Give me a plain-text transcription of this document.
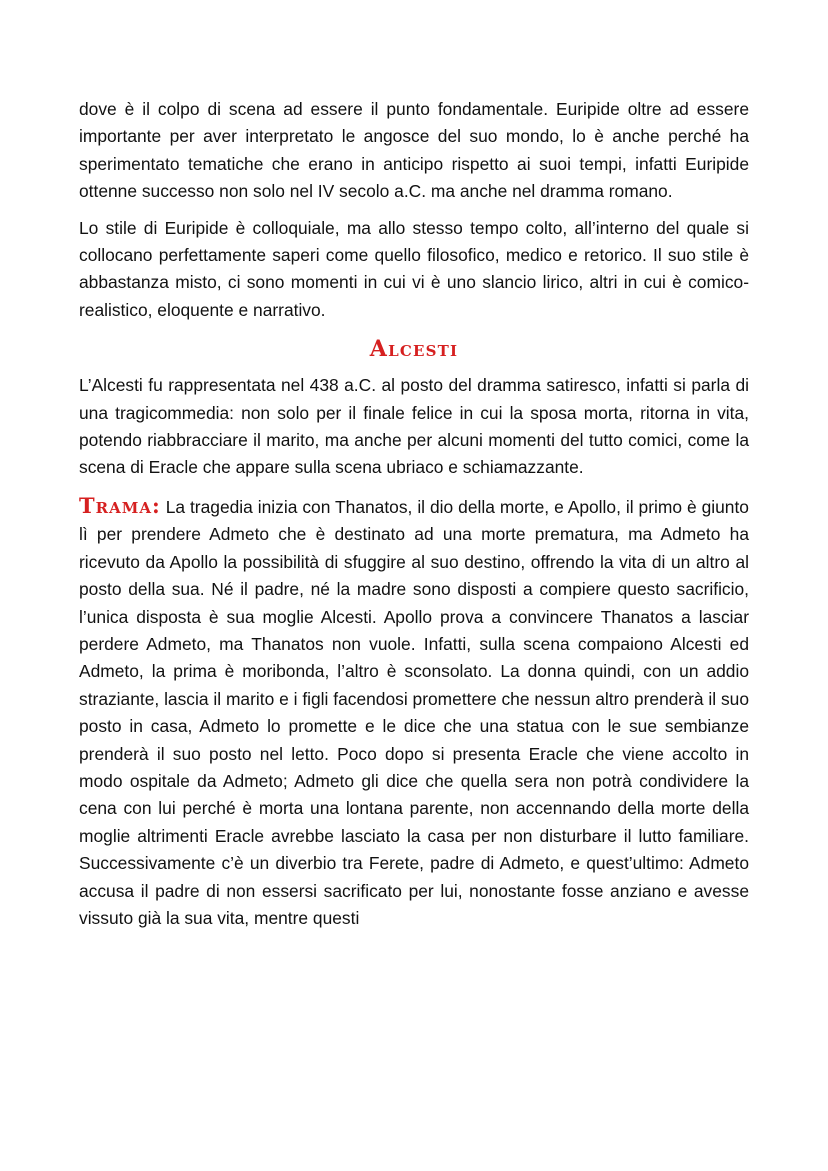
dove è il colpo di scena ad essere il punto fondamentale. Euripide oltre ad essere importante per aver interpretato le angosce del suo mondo, lo è anche perché ha sperimentato tematiche che erano in anticipo rispetto ai suoi tempi, infatti Euripide ottenne successo non solo nel IV secolo a.C. ma anche nel dramma romano.

Lo stile di Euripide è colloquiale, ma allo stesso tempo colto, all’interno del quale si collocano perfettamente saperi come quello filosofico, medico e retorico. Il suo stile è abbastanza misto, ci sono momenti in cui vi è uno slancio lirico, altri in cui è comico-realistico, eloquente e narrativo.

Alcesti

L’Alcesti fu rappresentata nel 438 a.C. al posto del dramma satiresco, infatti si parla di una tragicommedia: non solo per il finale felice in cui la sposa morta, ritorna in vita, potendo riabbracciare il marito, ma anche per alcuni momenti del tutto comici, come la scena di Eracle che appare sulla scena ubriaco e schiamazzante.

Trama: La tragedia inizia con Thanatos, il dio della morte, e Apollo, il primo è giunto lì per prendere Admeto che è destinato ad una morte prematura, ma Admeto ha ricevuto da Apollo la possibilità di sfuggire al suo destino, offrendo la vita di un altro al posto della sua. Né il padre, né la madre sono disposti a compiere questo sacrificio, l’unica disposta è sua moglie Alcesti. Apollo prova a convincere Thanatos a lasciar perdere Admeto, ma Thanatos non vuole. Infatti, sulla scena compaiono Alcesti ed Admeto, la prima è moribonda, l’altro è sconsolato. La donna quindi, con un addio straziante, lascia il marito e i figli facendosi promettere che nessun altro prenderà il suo posto in casa, Admeto lo promette e le dice che una statua con le sue sembianze prenderà il suo posto nel letto. Poco dopo si presenta Eracle che viene accolto in modo ospitale da Admeto; Admeto gli dice che quella sera non potrà condividere la cena con lui perché è morta una lontana parente, non accennando della morte della moglie altrimenti Eracle avrebbe lasciato la casa per non disturbare il lutto familiare. Successivamente c’è un diverbio tra Ferete, padre di Admeto, e quest’ultimo: Admeto accusa il padre di non essersi sacrificato per lui, nonostante fosse anziano e avesse vissuto già la sua vita, mentre questi
